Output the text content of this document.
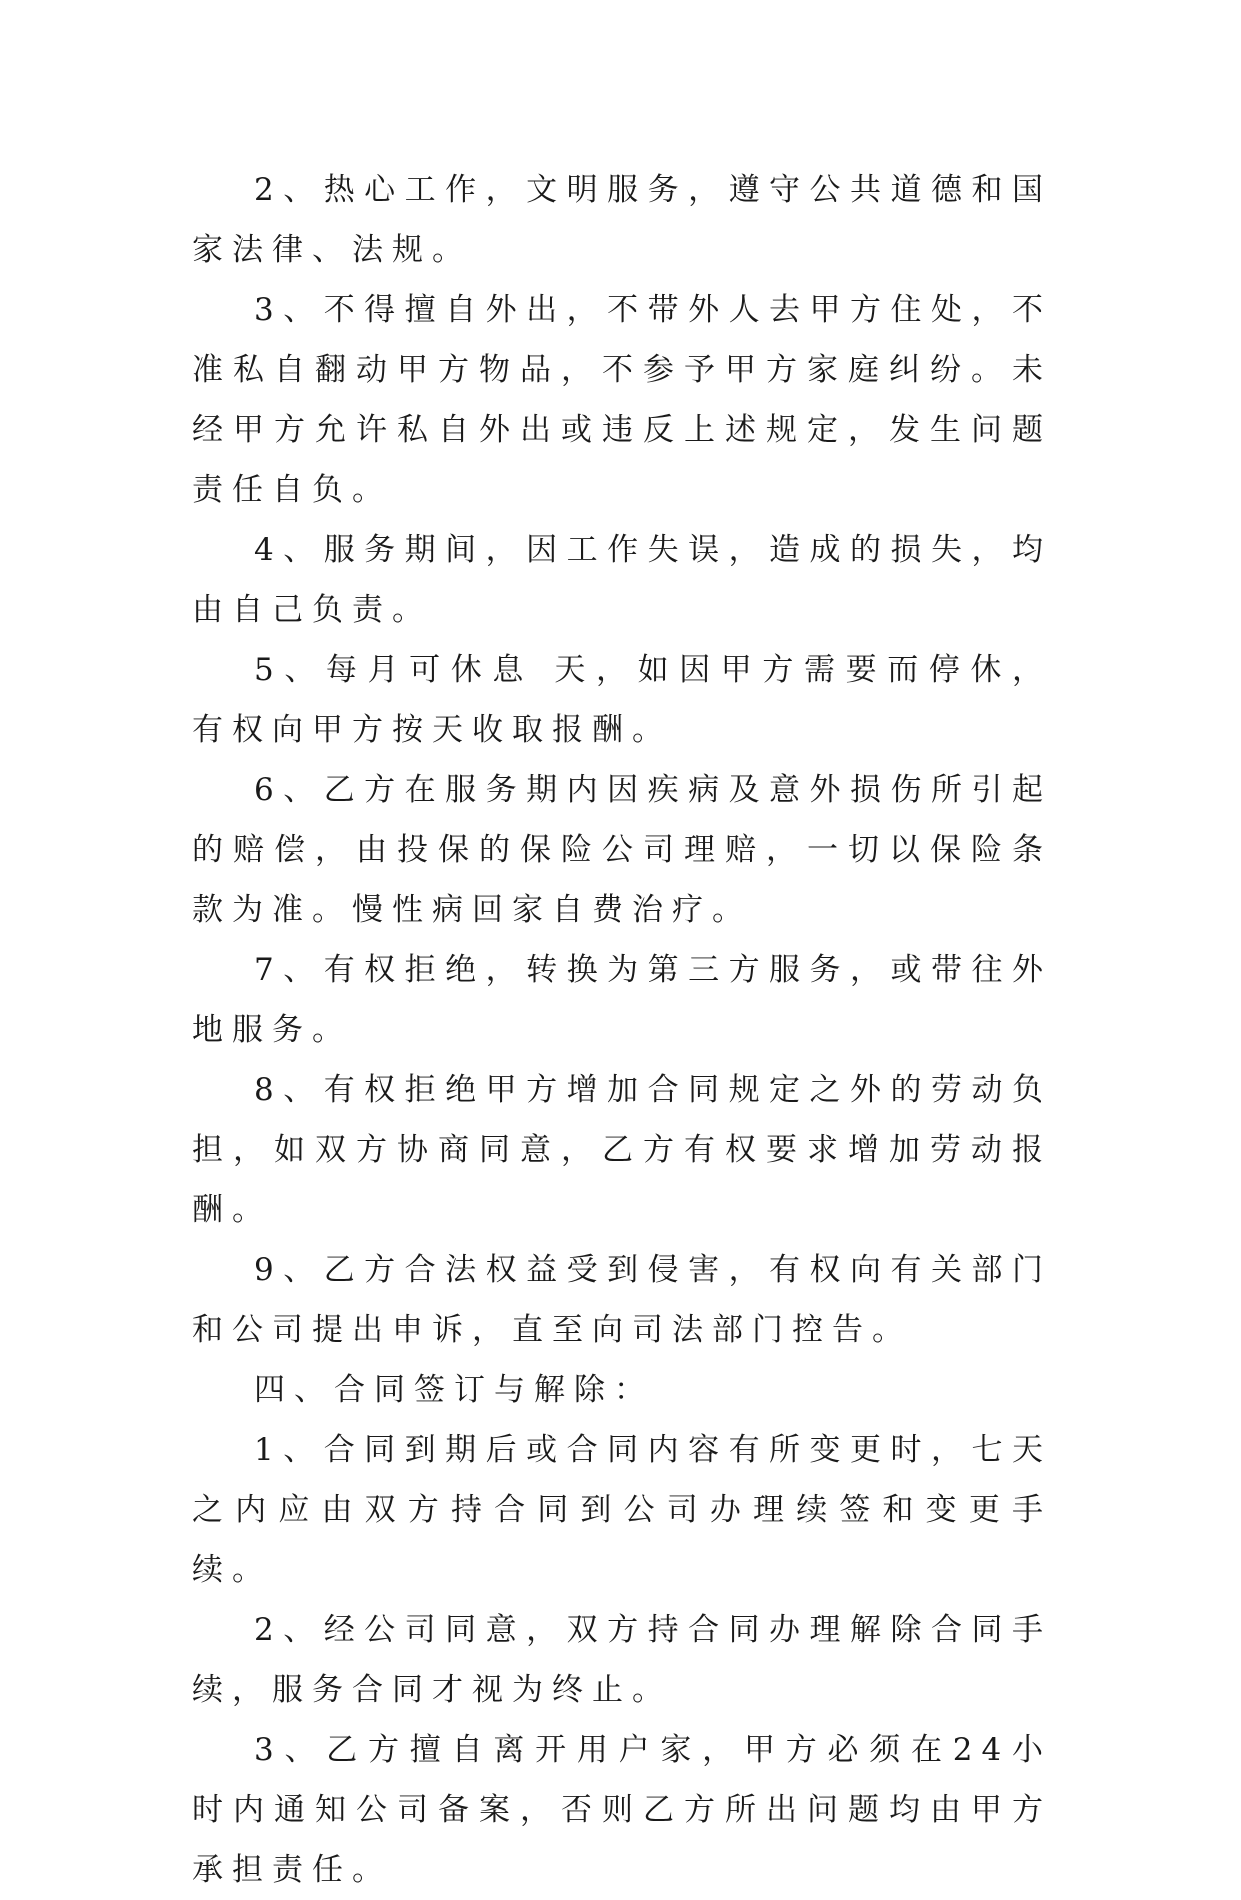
2、热心工作，文明服务，遵守公共道德和国家法律、法规。

3、不得擅自外出，不带外人去甲方住处，不准私自翻动甲方物品，不参予甲方家庭纠纷。未经甲方允许私自外出或违反上述规定，发生问题责任自负。

4、服务期间，因工作失误，造成的损失，均由自己负责。

5、每月可休息 天，如因甲方需要而停休，有权向甲方按天收取报酬。

6、乙方在服务期内因疾病及意外损伤所引起的赔偿，由投保的保险公司理赔，一切以保险条款为准。慢性病回家自费治疗。

7、有权拒绝，转换为第三方服务，或带往外地服务。

8、有权拒绝甲方增加合同规定之外的劳动负担，如双方协商同意，乙方有权要求增加劳动报酬。

9、乙方合法权益受到侵害，有权向有关部门和公司提出申诉，直至向司法部门控告。

四、合同签订与解除：

1、合同到期后或合同内容有所变更时，七天之内应由双方持合同到公司办理续签和变更手续。

2、经公司同意，双方持合同办理解除合同手续，服务合同才视为终止。

3、乙方擅自离开用户家，甲方必须在24小时内通知公司备案，否则乙方所出问题均由甲方承担责任。
